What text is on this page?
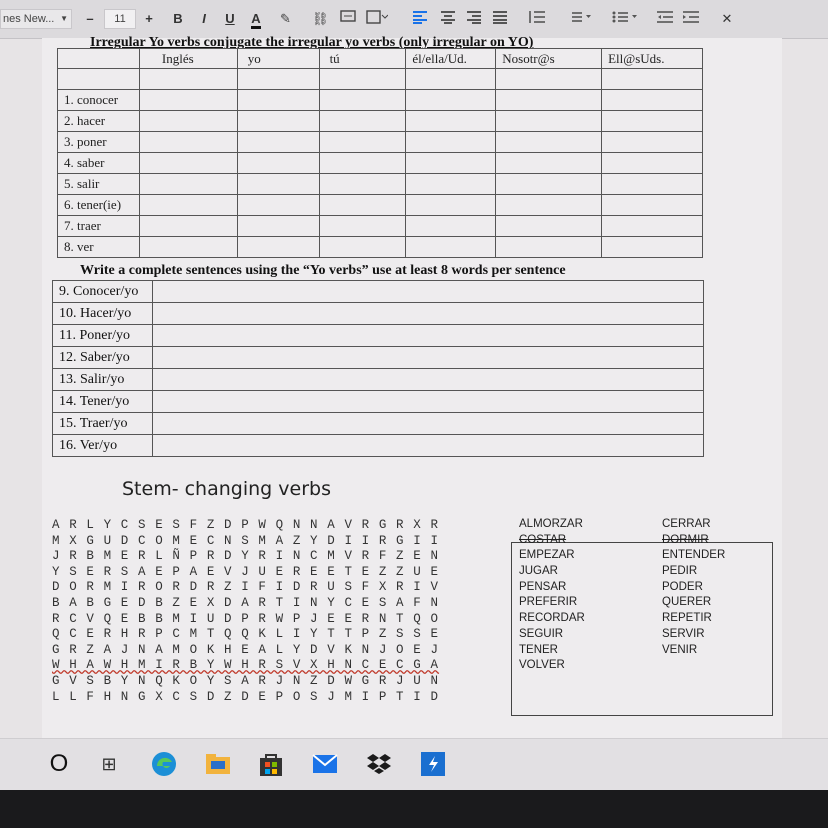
nes New... ▼	–	11	+	B	I	U A ✎	⛓	✕
Irregular Yo verbs conjugate the irregular yo verbs (only irregular on YO)
	Inglés	yo	tú	él/ella/Ud.	Nosotr@s	Ell@sUds.

1. conocer						
2. hacer						
3. poner						
4. saber						
5. salir						
6. tener(ie)						
7. traer						
8. ver						
Write a complete sentences using the “Yo verbs” use at least 8 words per sentence
9. Conocer/yo	
10. Hacer/yo	
11. Poner/yo	
12. Saber/yo	
13. Salir/yo	
14. Tener/yo	
15. Traer/yo	
16. Ver/yo	
Stem- changing verbs
A R L Y C S E S F Z D P W Q N N A V R G R X R
M X G U D C O M E C N S M A Z Y D I I R G I I
J R B M E R L Ñ P R D Y R I N C M V R F Z E N
Y S E R S A E P A E V J U E R E E T E Z Z U E
D O R M I R O R D R Z I F I D R U S F X R I V
B A B G E D B Z E X D A R T I N Y C E S A F N
R C V Q E B B M I U D P R W P J E E R N T Q O
Q C E R H R P C M T Q Q K L I Y T T P Z S S E
G R Z A J N A M O K H E A L Y D V K N J O E J
W H A W H M I R B Y W H R S V X H N C E C G A
G V S B Y N Q K O Y S A R J N Z D W G R J U N
L L F H N G X C S D Z D E P O S J M I P T I D
ALMORZAR
COSTAR
EMPEZAR
JUGAR
PENSAR
PREFERIR
RECORDAR
SEGUIR
TENER
VOLVER
CERRAR
DORMIR
ENTENDER
PEDIR
PODER
QUERER
REPETIR
SERVIR
VENIR
O	⊞
